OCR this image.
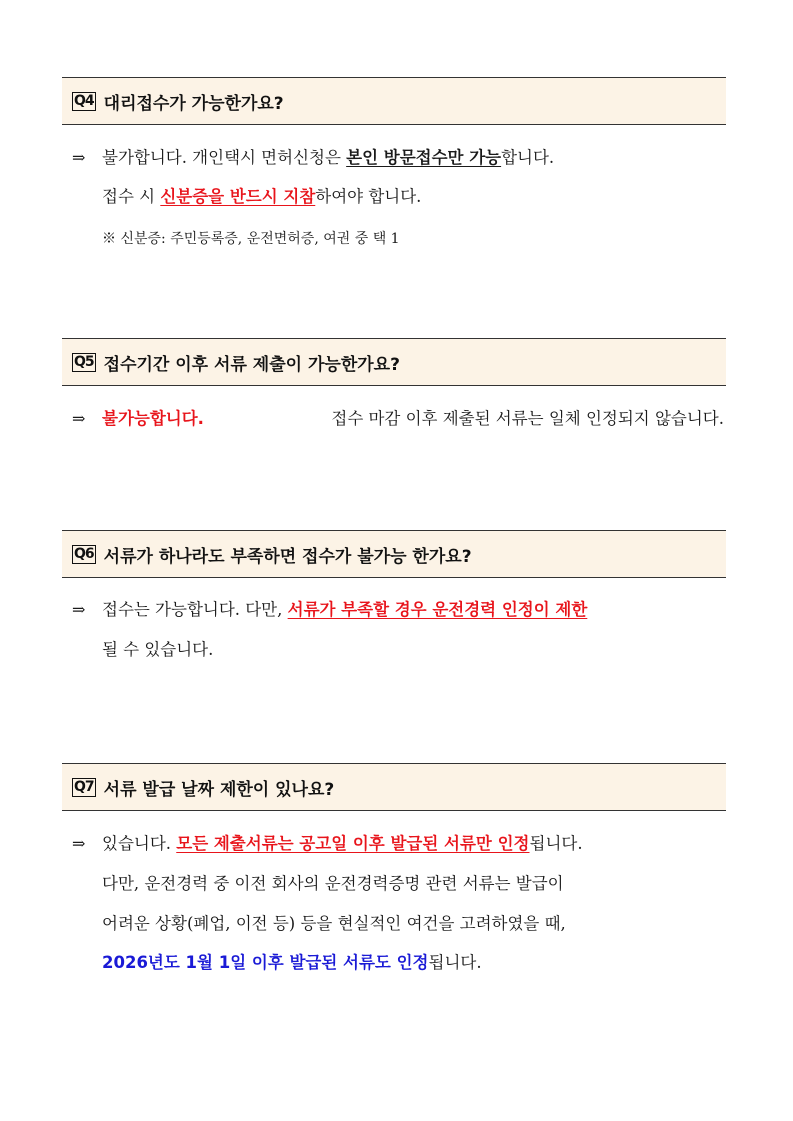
Q4 대리접수가 가능한가요?
⇒ 불가합니다. 개인택시 면허신청은 본인 방문접수만 가능합니다.
접수 시 신분증을 반드시 지참하여야 합니다.
※ 신분증: 주민등록증, 운전면허증, 여권 중 택 1
Q5 접수기간 이후 서류 제출이 가능한가요?
⇒ 불가능합니다.	접수 마감 이후 제출된 서류는 일체 인정되지 않습니다.
Q6 서류가 하나라도 부족하면 접수가 불가능 한가요?
⇒ 접수는 가능합니다. 다만, 서류가 부족할 경우 운전경력 인정이 제한
될 수 있습니다.
Q7 서류 발급 날짜 제한이 있나요?
⇒ 있습니다. 모든 제출서류는 공고일 이후 발급된 서류만 인정됩니다.
다만, 운전경력 중 이전 회사의 운전경력증명 관련 서류는 발급이
어려운 상황(폐업, 이전 등) 등을 현실적인 여건을 고려하였을 때,
2026년도 1월 1일 이후 발급된 서류도 인정됩니다.
